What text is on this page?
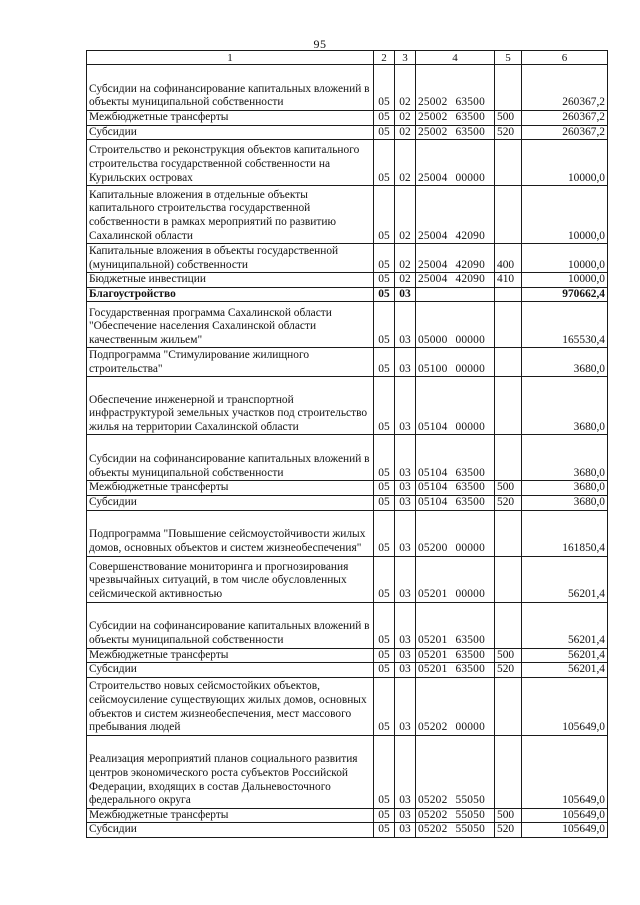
95
1	2	3	4	5	6
Субсидии на софинансирование капитальных вложений в объекты муниципальной собственности	05	02	25002 63500		260367,2
Межбюджетные трансферты	05	02	25002 63500	500	260367,2
Субсидии	05	02	25002 63500	520	260367,2
Строительство и реконструкция объектов капитального строительства государственной собственности на Курильских островах	05	02	25004 00000		10000,0
Капитальные вложения в отдельные объекты капитального строительства государственной собственности в рамках мероприятий по развитию Сахалинской области	05	02	25004 42090		10000,0
Капитальные вложения в объекты государственной (муниципальной) собственности	05	02	25004 42090	400	10000,0
Бюджетные инвестиции	05	02	25004 42090	410	10000,0
Благоустройство	05	03			970662,4
Государственная программа Сахалинской области "Обеспечение населения Сахалинской области качественным жильем"	05	03	05000 00000		165530,4
Подпрограмма "Стимулирование жилищного строительства"	05	03	05100 00000		3680,0
Обеспечение инженерной и транспортной инфраструктурой земельных участков под строительство жилья на территории Сахалинской области	05	03	05104 00000		3680,0
Субсидии на софинансирование капитальных вложений в объекты муниципальной собственности	05	03	05104 63500		3680,0
Межбюджетные трансферты	05	03	05104 63500	500	3680,0
Субсидии	05	03	05104 63500	520	3680,0
Подпрограмма "Повышение сейсмоустойчивости жилых домов, основных объектов и систем жизнеобеспечения"	05	03	05200 00000		161850,4
Совершенствование мониторинга и прогнозирования чрезвычайных ситуаций, в том числе обусловленных сейсмической активностью	05	03	05201 00000		56201,4
Субсидии на софинансирование капитальных вложений в объекты муниципальной собственности	05	03	05201 63500		56201,4
Межбюджетные трансферты	05	03	05201 63500	500	56201,4
Субсидии	05	03	05201 63500	520	56201,4
Строительство новых сейсмостойких объектов, сейсмоусиление существующих жилых домов, основных объектов и систем жизнеобеспечения, мест массового пребывания людей	05	03	05202 00000		105649,0
Реализация мероприятий планов социального развития центров экономического роста субъектов Российской Федерации, входящих в состав Дальневосточного федерального округа	05	03	05202 55050		105649,0
Межбюджетные трансферты	05	03	05202 55050	500	105649,0
Субсидии	05	03	05202 55050	520	105649,0
